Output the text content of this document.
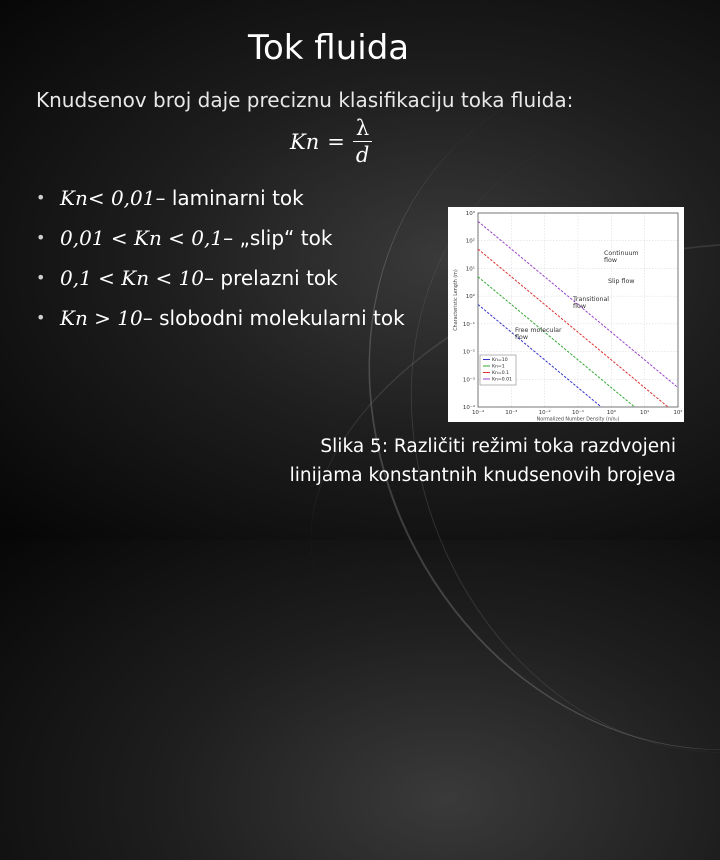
Tok fluida
Knudsenov broj daje preciznu klasifikaciju toka fluida:
$Kn = \frac{\lambda}{d}$
• Kn< 0,01 – laminarni tok
• 0,01 < Kn < 0,1 – „slip“ tok
• 0,1 < Kn < 10 – prelazni tok
• Kn > 10 – slobodni molekularni tok
10⁻⁴	10⁻³	10⁻²	10⁻¹	10⁰	10¹	10²
10³
10²
10¹
10⁰
10⁻¹
10⁻²
10⁻³
10⁻⁴
Normalized Number Density (n/n₀)
Characteristic Length (m)
Continuum
flow
Slip flow
Transitional
flow
Free molecular
flow
Kn=10
Kn=1
Kn=0.1
Kn=0.01
Slika 5: Različiti režimi toka razdvojeni
linijama konstantnih knudsenovih brojeva
